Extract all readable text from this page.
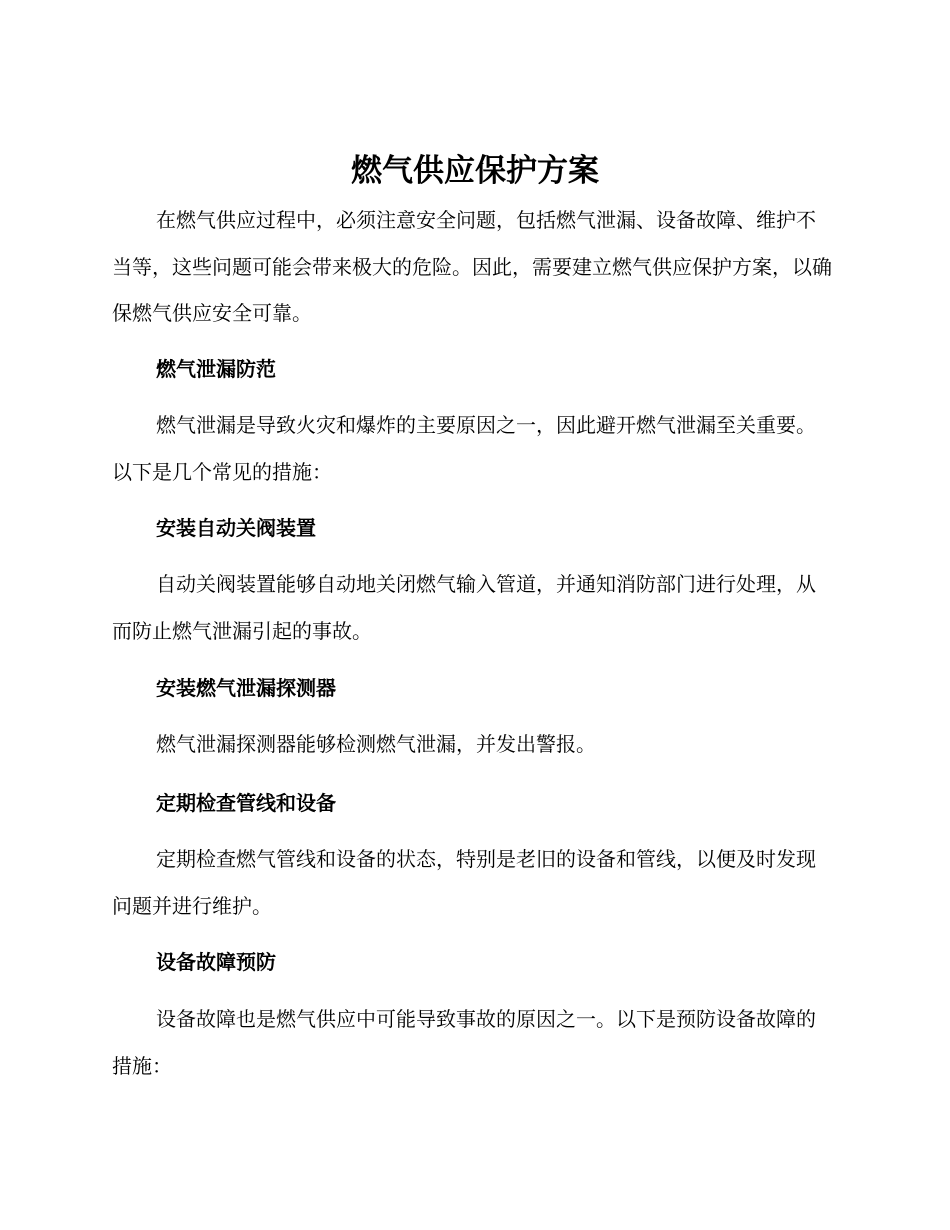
燃气供应保护方案

在燃气供应过程中，必须注意安全问题，包括燃气泄漏、设备故障、维护不当等，这些问题可能会带来极大的危险。因此，需要建立燃气供应保护方案，以确保燃气供应安全可靠。

燃气泄漏防范

燃气泄漏是导致火灾和爆炸的主要原因之一，因此避开燃气泄漏至关重要。以下是几个常见的措施：

安装自动关阀装置

自动关阀装置能够自动地关闭燃气输入管道，并通知消防部门进行处理，从而防止燃气泄漏引起的事故。

安装燃气泄漏探测器

燃气泄漏探测器能够检测燃气泄漏，并发出警报。

定期检查管线和设备

定期检查燃气管线和设备的状态，特别是老旧的设备和管线，以便及时发现问题并进行维护。

设备故障预防

设备故障也是燃气供应中可能导致事故的原因之一。以下是预防设备故障的措施：
